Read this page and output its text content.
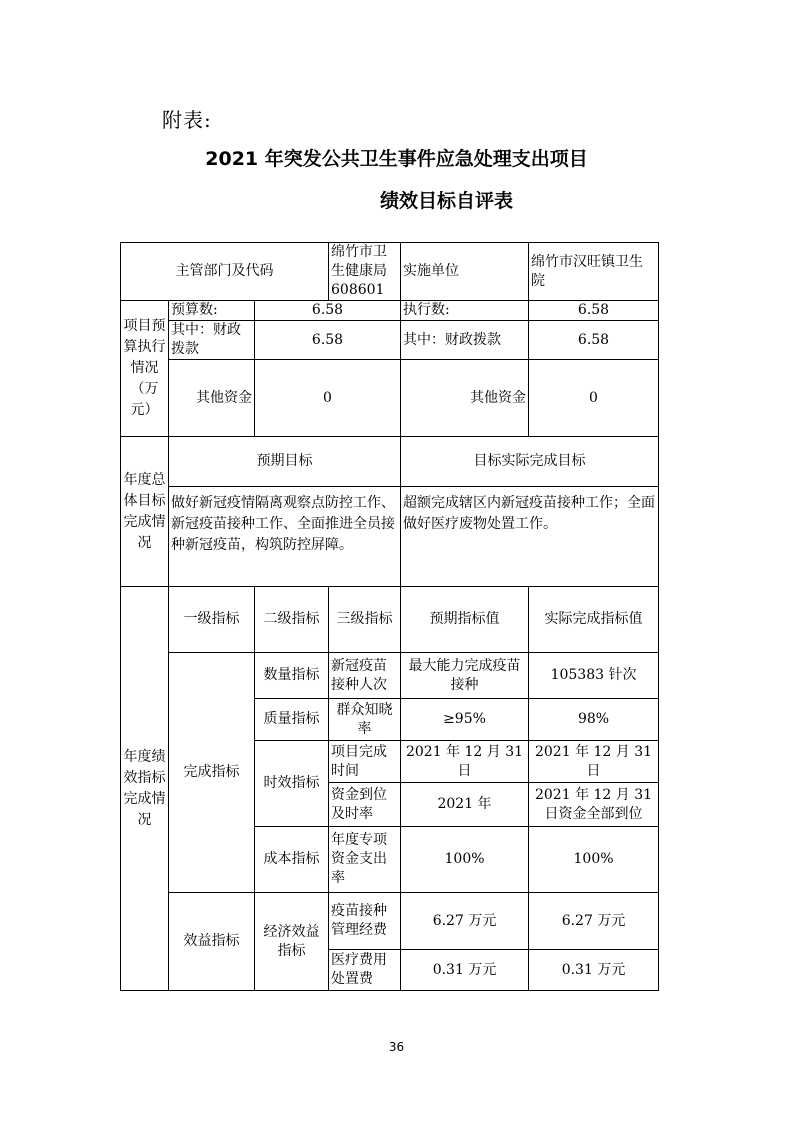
附表:
2021 年突发公共卫生事件应急处理支出项目
绩效目标自评表
主管部门及代码			绵竹市卫生健康局 608601	实施单位	绵竹市汉旺镇卫生院
项目预算执行情况（万元）	预算数:	6.58		执行数:	6.58
	其中：财政拨款	6.58		其中：财政拨款	6.58
	其他资金	0		其他资金	0
年度总体目标完成情况	预期目标			目标实际完成目标	
	做好新冠疫情隔离观察点防控工作、新冠疫苗接种工作、全面推进全员接种新冠疫苗，构筑防控屏障。			超额完成辖区内新冠疫苗接种工作；全面做好医疗废物处置工作。	
年度绩效指标完成情况	一级指标	二级指标	三级指标	预期指标值	实际完成指标值
	完成指标	数量指标	新冠疫苗接种人次	最大能力完成疫苗接种	105383 针次
		质量指标	群众知晓率	≥95%	98%
		时效指标	项目完成时间	2021 年 12 月 31 日	2021 年 12 月 31 日
			资金到位及时率	2021 年	2021 年 12 月 31 日资金全部到位
		成本指标	年度专项资金支出率	100%	100%
	效益指标	经济效益指标	疫苗接种管理经费	6.27 万元	6.27 万元
			医疗费用处置费	0.31 万元	0.31 万元
36
